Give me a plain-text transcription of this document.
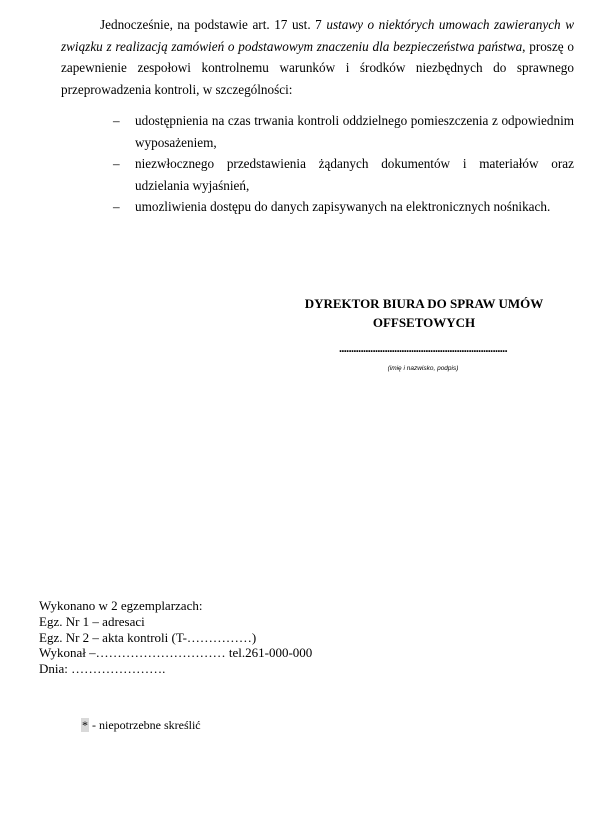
Jednocześnie, na podstawie art. 17 ust. 7 ustawy o niektórych umowach zawieranych w związku z realizacją zamówień o podstawowym znaczeniu dla bezpieczeństwa państwa, proszę o zapewnienie zespołowi kontrolnemu warunków i środków niezbędnych do sprawnego przeprowadzenia kontroli, w szczególności:
– udostępnienia na czas trwania kontroli oddzielnego pomieszczenia z odpowiednim wyposażeniem,
– niezwłocznego przedstawienia żądanych dokumentów i materiałów oraz udzielania wyjaśnień,
– umozliwienia dostępu do danych zapisywanych na elektronicznych nośnikach.
DYREKTOR BIURA DO SPRAW UMÓW
OFFSETOWYCH
......................................................................
(imię i nazwisko, podpis)
Wykonano w 2 egzemplarzach:
Egz. Nr 1 – adresaci
Egz. Nr 2 – akta kontroli (T-……………)
Wykonał –………………………… tel.261-000-000
Dnia: ………………….
* - niepotrzebne skreślić
